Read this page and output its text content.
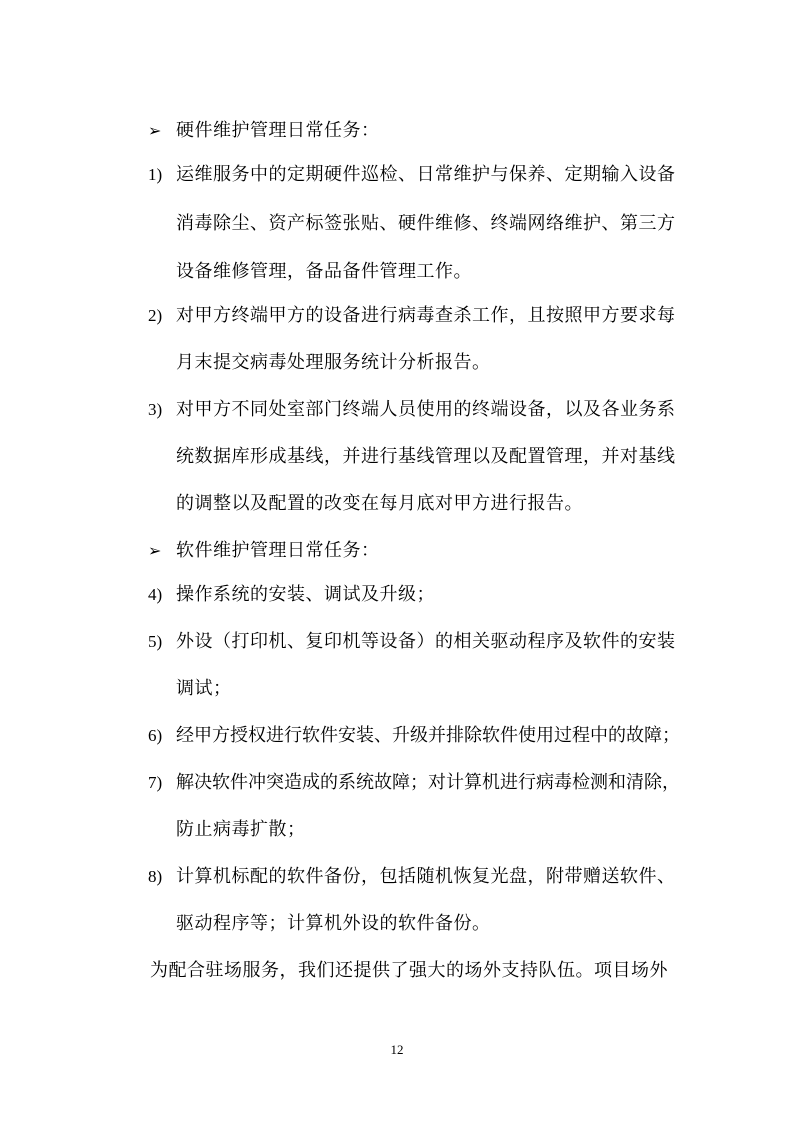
➢ 硬件维护管理日常任务：
1) 运维服务中的定期硬件巡检、日常维护与保养、定期输入设备
消毒除尘、资产标签张贴、硬件维修、终端网络维护、第三方
设备维修管理，备品备件管理工作。
2) 对甲方终端甲方的设备进行病毒查杀工作，且按照甲方要求每
月末提交病毒处理服务统计分析报告。
3) 对甲方不同处室部门终端人员使用的终端设备，以及各业务系
统数据库形成基线，并进行基线管理以及配置管理，并对基线
的调整以及配置的改变在每月底对甲方进行报告。
➢ 软件维护管理日常任务：
4) 操作系统的安装、调试及升级；
5) 外设（打印机、复印机等设备）的相关驱动程序及软件的安装
调试；
6) 经甲方授权进行软件安装、升级并排除软件使用过程中的故障；
7) 解决软件冲突造成的系统故障；对计算机进行病毒检测和清除，
防止病毒扩散；
8) 计算机标配的软件备份，包括随机恢复光盘，附带赠送软件、
驱动程序等；计算机外设的软件备份。
为配合驻场服务，我们还提供了强大的场外支持队伍。项目场外
12
